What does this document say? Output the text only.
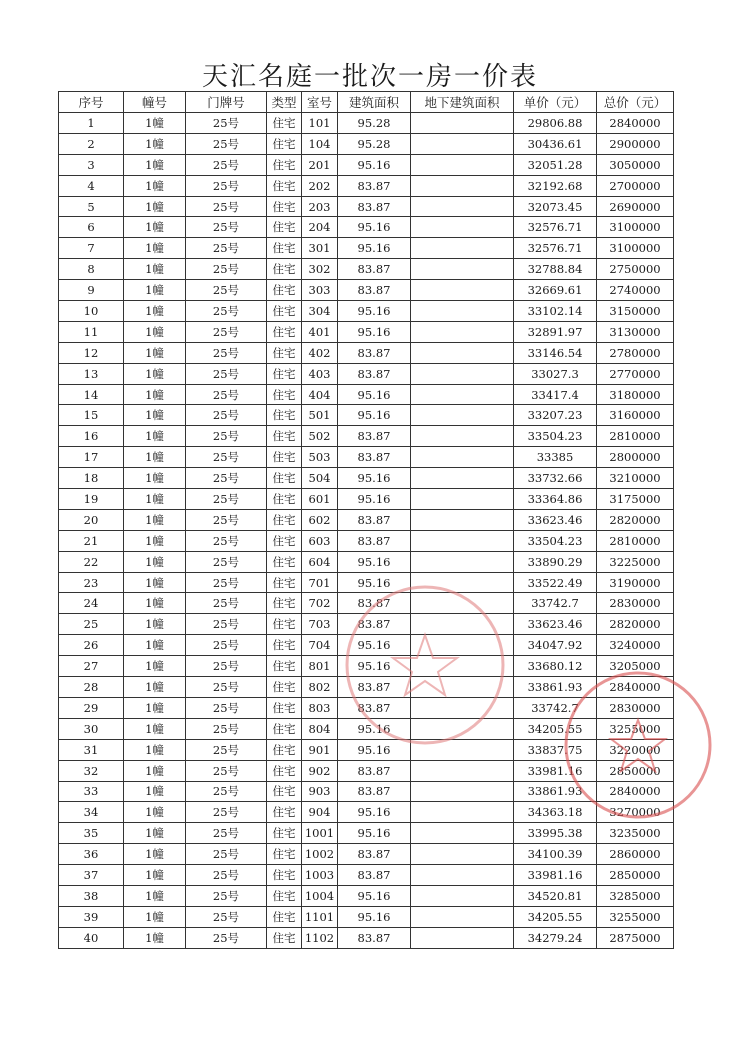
天汇名庭一批次一房一价表
序号	幢号	门牌号	类型	室号	建筑面积	地下建筑面积	单价（元）	总价（元）
1	1幢	25号	住宅	101	95.28		29806.88	2840000
2	1幢	25号	住宅	104	95.28		30436.61	2900000
3	1幢	25号	住宅	201	95.16		32051.28	3050000
4	1幢	25号	住宅	202	83.87		32192.68	2700000
5	1幢	25号	住宅	203	83.87		32073.45	2690000
6	1幢	25号	住宅	204	95.16		32576.71	3100000
7	1幢	25号	住宅	301	95.16		32576.71	3100000
8	1幢	25号	住宅	302	83.87		32788.84	2750000
9	1幢	25号	住宅	303	83.87		32669.61	2740000
10	1幢	25号	住宅	304	95.16		33102.14	3150000
11	1幢	25号	住宅	401	95.16		32891.97	3130000
12	1幢	25号	住宅	402	83.87		33146.54	2780000
13	1幢	25号	住宅	403	83.87		33027.3	2770000
14	1幢	25号	住宅	404	95.16		33417.4	3180000
15	1幢	25号	住宅	501	95.16		33207.23	3160000
16	1幢	25号	住宅	502	83.87		33504.23	2810000
17	1幢	25号	住宅	503	83.87		33385	2800000
18	1幢	25号	住宅	504	95.16		33732.66	3210000
19	1幢	25号	住宅	601	95.16		33364.86	3175000
20	1幢	25号	住宅	602	83.87		33623.46	2820000
21	1幢	25号	住宅	603	83.87		33504.23	2810000
22	1幢	25号	住宅	604	95.16		33890.29	3225000
23	1幢	25号	住宅	701	95.16		33522.49	3190000
24	1幢	25号	住宅	702	83.87		33742.7	2830000
25	1幢	25号	住宅	703	83.87		33623.46	2820000
26	1幢	25号	住宅	704	95.16		34047.92	3240000
27	1幢	25号	住宅	801	95.16		33680.12	3205000
28	1幢	25号	住宅	802	83.87		33861.93	2840000
29	1幢	25号	住宅	803	83.87		33742.7	2830000
30	1幢	25号	住宅	804	95.16		34205.55	3255000
31	1幢	25号	住宅	901	95.16		33837.75	3220000
32	1幢	25号	住宅	902	83.87		33981.16	2850000
33	1幢	25号	住宅	903	83.87		33861.93	2840000
34	1幢	25号	住宅	904	95.16		34363.18	3270000
35	1幢	25号	住宅	1001	95.16		33995.38	3235000
36	1幢	25号	住宅	1002	83.87		34100.39	2860000
37	1幢	25号	住宅	1003	83.87		33981.16	2850000
38	1幢	25号	住宅	1004	95.16		34520.81	3285000
39	1幢	25号	住宅	1101	95.16		34205.55	3255000
40	1幢	25号	住宅	1102	83.87		34279.24	2875000
